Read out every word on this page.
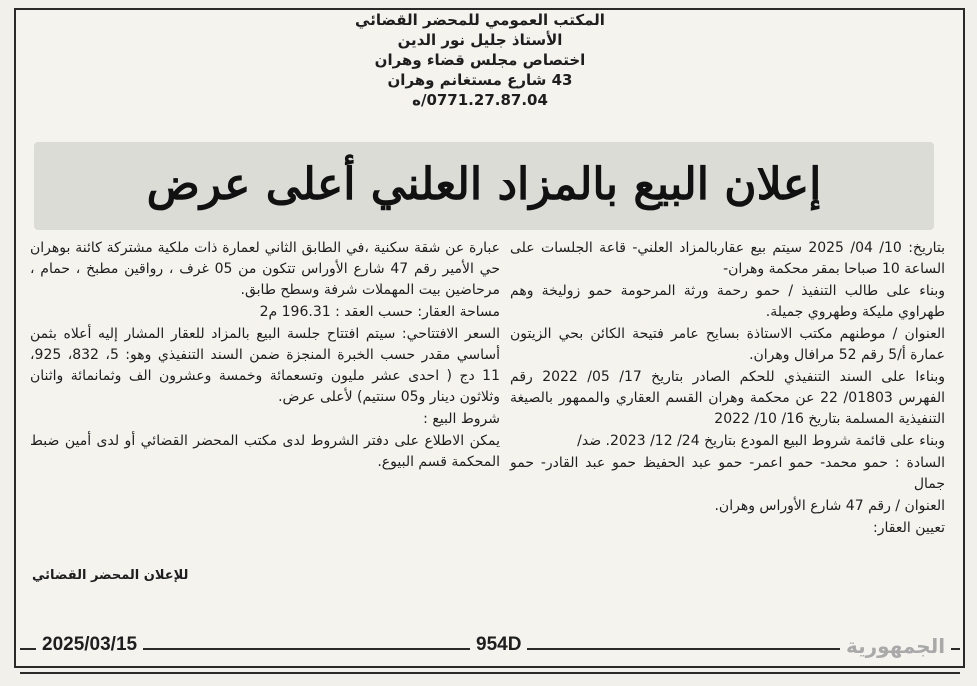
المكتب العمومي للمحضر القضائي
الأستاذ جليل نور الدين
اختصاص مجلس قضاء وهران
43 شارع مستغانم وهران
0771.27.87.04/ه
إعلان البيع بالمزاد العلني أعلى عرض

بتاريخ: 10/ 04/ 2025 سيتم بيع عقاربالمزاد العلني- قاعة الجلسات على الساعة 10 صباحا بمقر محكمة وهران-

وبناء على طالب التنفيذ / حمو رحمة ورثة المرحومة حمو زوليخة وهم طهراوي مليكة وطهروي جميلة.

العنوان / موطنهم مكتب الاستاذة بسايح عامر فتيحة الكائن بحي الزيتون عمارة أ/5 رقم 52 مرافال وهران.

وبناءا على السند التنفيذي للحكم الصادر بتاريخ 17/ 05/ 2022 رقم الفهرس 01803/ 22 عن محكمة وهران القسم العقاري والممهور بالصيغة التنفيذية المسلمة بتاريخ 16/ 10/ 2022

وبناء على قائمة شروط البيع المودع بتاريخ 24/ 12/ 2023. ضد/

السادة : حمو محمد- حمو اعمر- حمو عبد الحفيظ حمو عبد القادر- حمو جمال

العنوان / رقم 47 شارع الأوراس وهران.

تعيين العقار:

عبارة عن شقة سكنية ،في الطابق الثاني لعمارة ذات ملكية مشتركة كائنة بوهران حي الأمير رقم 47 شارع الأوراس تتكون من 05 غرف ، رواقين مطبخ ، حمام ، مرحاضين بيت المهملات شرفة وسطح طابق.

مساحة العقار: حسب العقد : 196.31 م2

السعر الافتتاحي: سيتم افتتاح جلسة البيع بالمزاد للعقار المشار إليه أعلاه بثمن أساسي مقدر حسب الخبرة المنجزة ضمن السند التنفيذي وهو: 5، 832، 925، 11 دج ( احدى عشر مليون وتسعمائة وخمسة وعشرون الف وثمانمائة واثنان وثلاثون دينار و05 سنتيم) لأعلى عرض.

شروط البيع :

يمكن الاطلاع على دفتر الشروط لدى مكتب المحضر القضائي أو لدى أمين ضبط المحكمة قسم البيوع.

للإعلان المحضر القضائي
2025/03/15	954D	الجمهورية
